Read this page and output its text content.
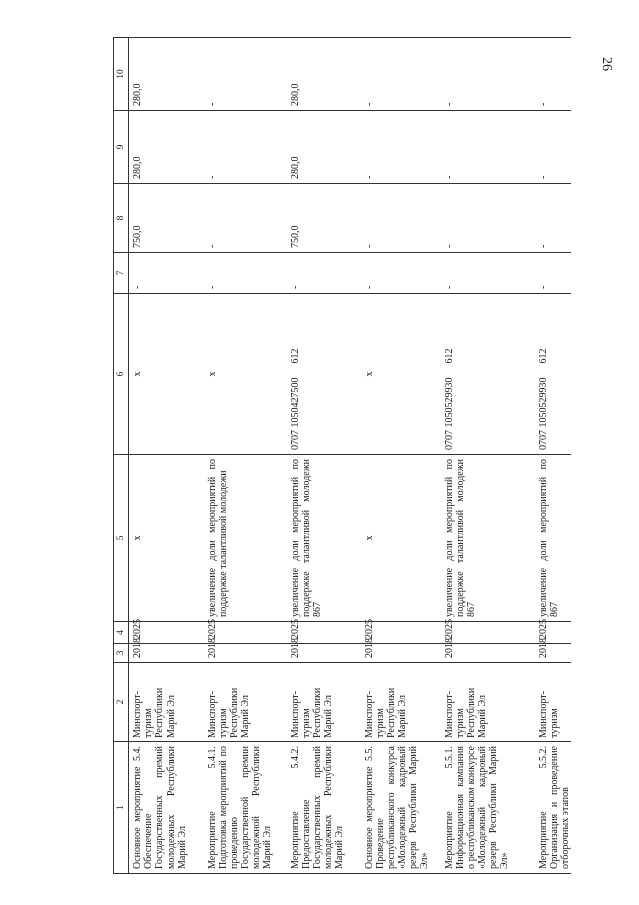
26
1	2	3	4	5	6	7	8	9	10
Основное мероприятие 5.4. Обеспечение Государственных премий молодежных Республики Марий Эл	Минспорт-туризм Республики Марий Эл	2018	2025	x	x	-	750,0	280,0	280,0
Мероприятие 5.4.1. Подготовка мероприятий по проведению Государственной премии молодежной Республики Марий Эл	Минспорт-туризм Республики Марий Эл	2018	2025	увеличение доли мероприятий по поддержке талантливой молодежи	x	-	-	-	-
Мероприятие 5.4.2. Предоставление Государственных премий молодежных Республики Марий Эл	Минспорт-туризм Республики Марий Эл	2018	2025	увеличение доли мероприятий по поддержке талантливой молодежи 867	0707 1050427500612	-	750,0	280,0	280,0
Основное мероприятие 5.5. Проведение республиканского конкурса «Молодежный кадровый резерв Республики Марий Эл»	Минспорт-туризм Республики Марий Эл	2018	2025	x	x	-	-	-	-
Мероприятие 5.5.1. Информационная кампания о республиканском конкурсе «Молодежный кадровый резерв Республики Марий Эл»	Минспорт-туризм Республики Марий Эл	2018	2025	увеличение доли мероприятий по поддержке талантливой молодежи 867	0707 1050529930612	-	-	-	-
Мероприятие 5.5.2. Организация и проведение отборочных этапов	Минспорт-туризм	2018	2025	увеличение доли мероприятий по 867	0707 1050529930612	-	-	-	-
